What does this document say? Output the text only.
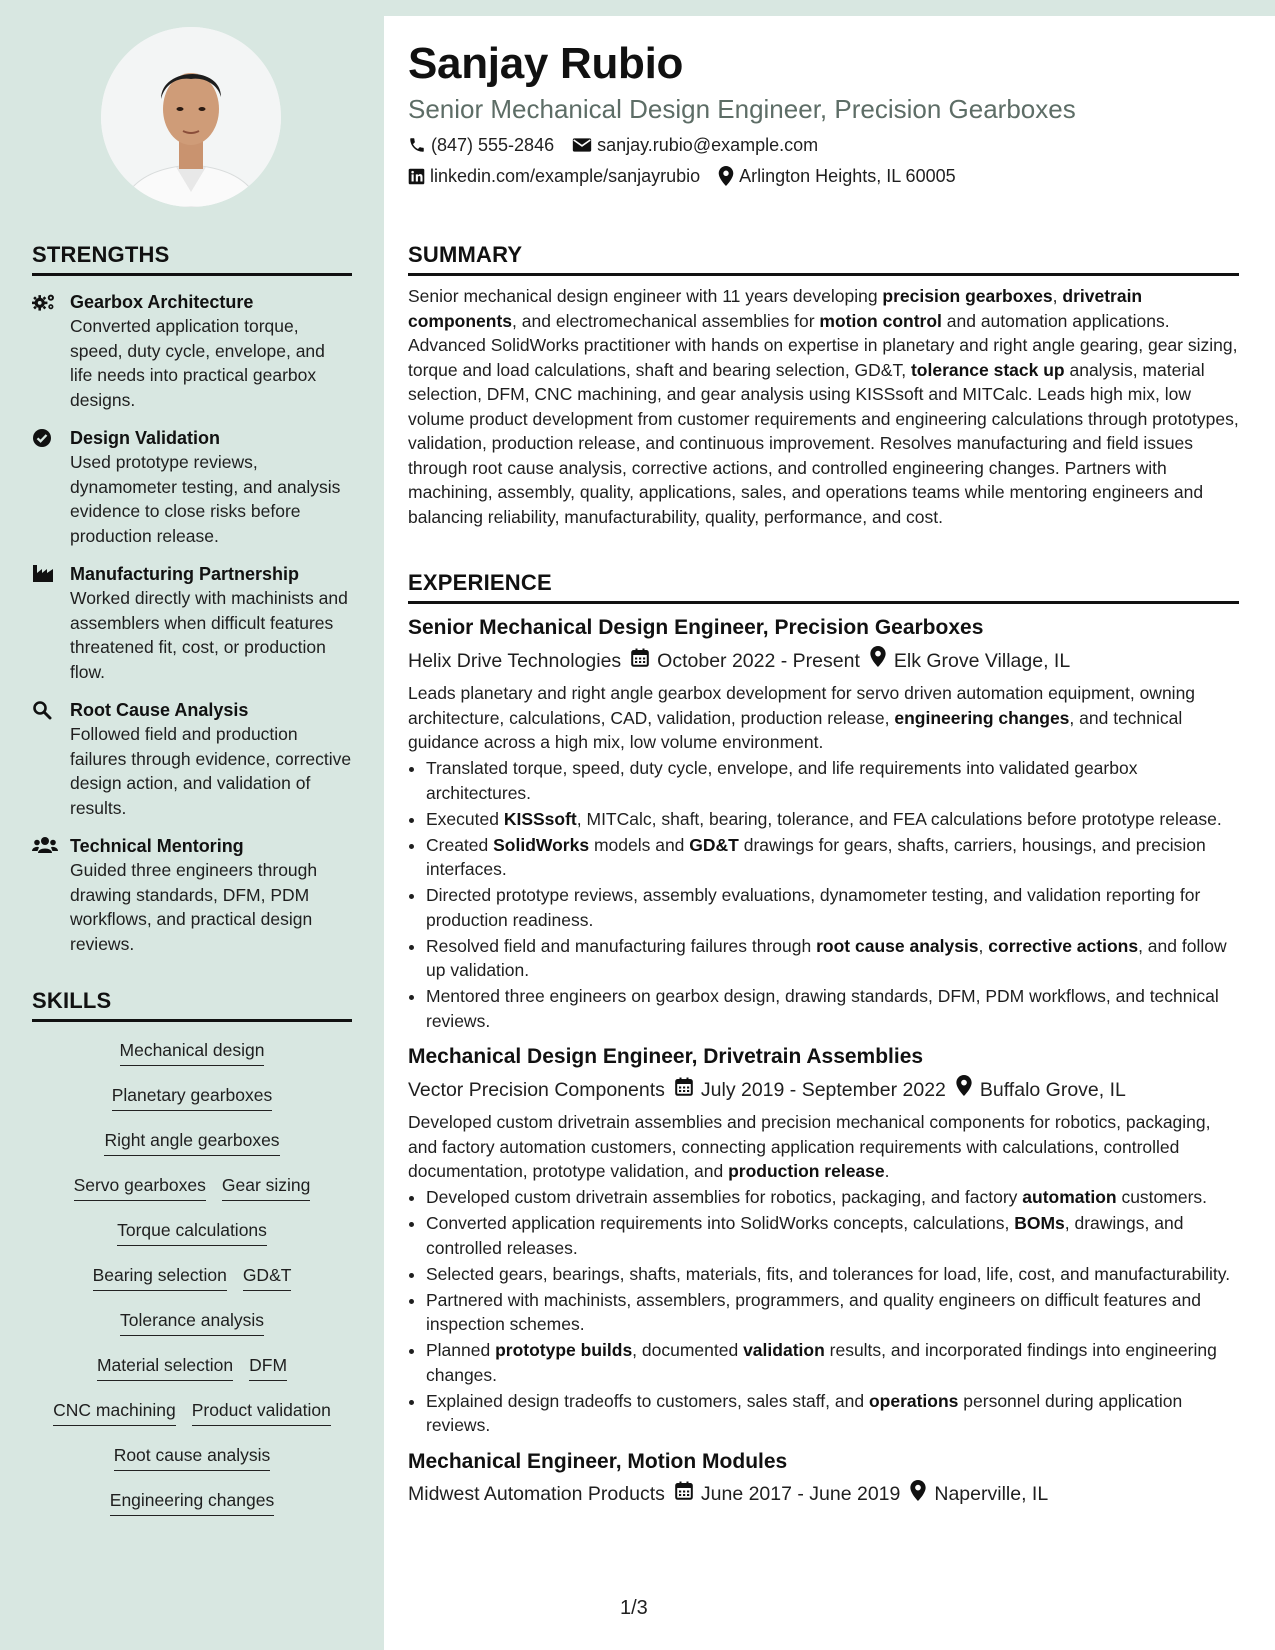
STRENGTHS
Gearbox Architecture
Converted application torque, speed, duty cycle, envelope, and life needs into practical gearbox designs.
Design Validation
Used prototype reviews, dynamometer testing, and analysis evidence to close risks before production release.
Manufacturing Partnership
Worked directly with machinists and assemblers when difficult features threatened fit, cost, or production flow.
Root Cause Analysis
Followed field and production failures through evidence, corrective design action, and validation of results.
Technical Mentoring
Guided three engineers through drawing standards, DFM, PDM workflows, and practical design reviews.
SKILLS
Mechanical design
Planetary gearboxes
Right angle gearboxes
Servo gearboxes Gear sizing
Torque calculations
Bearing selection GD&T
Tolerance analysis
Material selection DFM
CNC machining Product validation
Root cause analysis
Engineering changes
Sanjay Rubio
Senior Mechanical Design Engineer, Precision Gearboxes
(847) 555-2846 sanjay.rubio@example.com
linkedin.com/example/sanjayrubio Arlington Heights, IL 60005
SUMMARY

Senior mechanical design engineer with 11 years developing precision gearboxes, drivetrain components, and electromechanical assemblies for motion control and automation applications. Advanced SolidWorks practitioner with hands on expertise in planetary and right angle gearing, gear sizing, torque and load calculations, shaft and bearing selection, GD&T, tolerance stack up analysis, material selection, DFM, CNC machining, and gear analysis using KISSsoft and MITCalc. Leads high mix, low volume product development from customer requirements and engineering calculations through prototypes, validation, production release, and continuous improvement. Resolves manufacturing and field issues through root cause analysis, corrective actions, and controlled engineering changes. Partners with machining, assembly, quality, applications, sales, and operations teams while mentoring engineers and balancing reliability, manufacturability, quality, performance, and cost.

EXPERIENCE
Senior Mechanical Design Engineer, Precision Gearboxes
Helix Drive Technologies October 2022 - Present Elk Grove Village, IL

Leads planetary and right angle gearbox development for servo driven automation equipment, owning architecture, calculations, CAD, validation, production release, engineering changes, and technical guidance across a high mix, low volume environment.

• Translated torque, speed, duty cycle, envelope, and life requirements into validated gearbox architectures.
• Executed KISSsoft, MITCalc, shaft, bearing, tolerance, and FEA calculations before prototype release.
• Created SolidWorks models and GD&T drawings for gears, shafts, carriers, housings, and precision interfaces.
• Directed prototype reviews, assembly evaluations, dynamometer testing, and validation reporting for production readiness.
• Resolved field and manufacturing failures through root cause analysis, corrective actions, and follow up validation.
• Mentored three engineers on gearbox design, drawing standards, DFM, PDM workflows, and technical reviews.
Mechanical Design Engineer, Drivetrain Assemblies
Vector Precision Components July 2019 - September 2022 Buffalo Grove, IL

Developed custom drivetrain assemblies and precision mechanical components for robotics, packaging, and factory automation customers, connecting application requirements with calculations, controlled documentation, prototype validation, and production release.

• Developed custom drivetrain assemblies for robotics, packaging, and factory automation customers.
• Converted application requirements into SolidWorks concepts, calculations, BOMs, drawings, and controlled releases.
• Selected gears, bearings, shafts, materials, fits, and tolerances for load, life, cost, and manufacturability.
• Partnered with machinists, assemblers, programmers, and quality engineers on difficult features and inspection schemes.
• Planned prototype builds, documented validation results, and incorporated findings into engineering changes.
• Explained design tradeoffs to customers, sales staff, and operations personnel during application reviews.
Mechanical Engineer, Motion Modules
Midwest Automation Products June 2017 - June 2019 Naperville, IL
1/3
